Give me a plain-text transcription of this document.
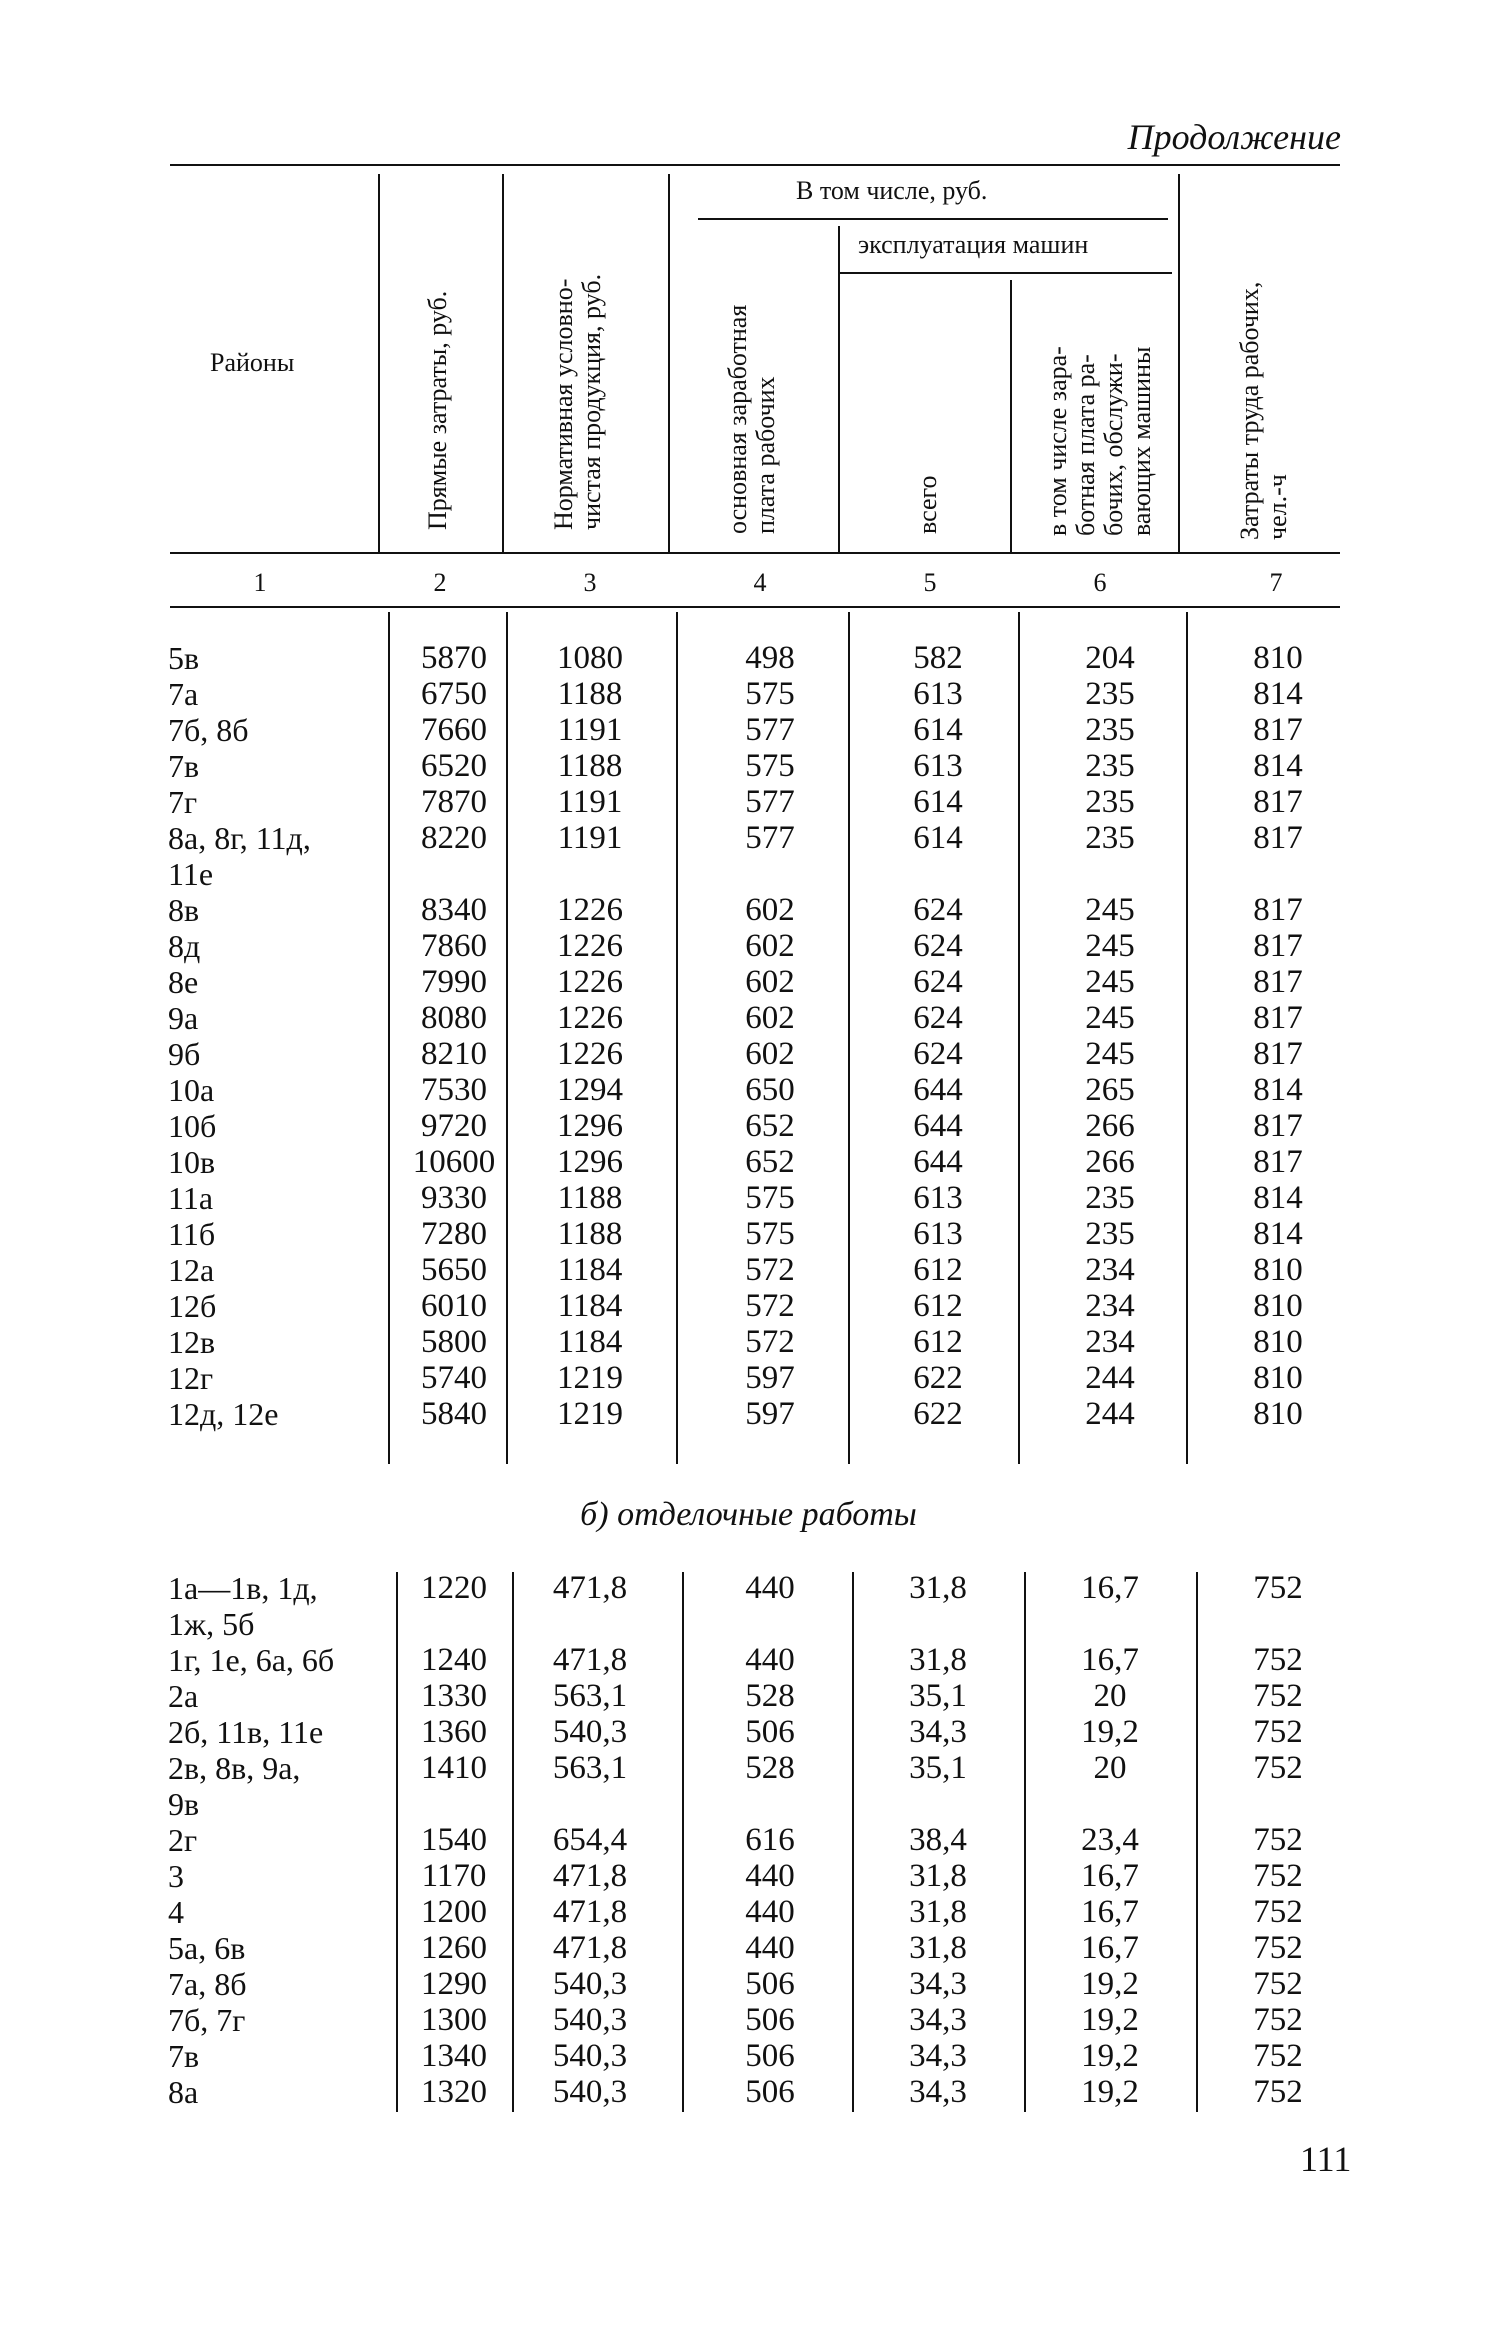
Продолжение
Районы	Прямые затраты, руб.	Нормативная условно- чистая продукция, руб.
В том числе, руб.
основная заработная плата рабочих
эксплуатация машин
всего	в том числе зара- ботная плата ра- бочих, обслужи- вающих машины	Затраты труда рабочих, чел.-ч
1	2	3	4	5	6	7
5в	5870	1080	498	582	204	810
7а	6750	1188	575	613	235	814
7б, 8б	7660	1191	577	614	235	817
7в	6520	1188	575	613	235	814
7г	7870	1191	577	614	235	817
8а, 8г, 11д,	8220	1191	577	614	235	817
11е
8в	8340	1226	602	624	245	817
8д	7860	1226	602	624	245	817
8е	7990	1226	602	624	245	817
9а	8080	1226	602	624	245	817
9б	8210	1226	602	624	245	817
10а	7530	1294	650	644	265	814
10б	9720	1296	652	644	266	817
10в	10600	1296	652	644	266	817
11а	9330	1188	575	613	235	814
11б	7280	1188	575	613	235	814
12а	5650	1184	572	612	234	810
12б	6010	1184	572	612	234	810
12в	5800	1184	572	612	234	810
12г	5740	1219	597	622	244	810
12д, 12е	5840	1219	597	622	244	810
б) отделочные работы
1а—1в, 1д,	1220	471,8	440	31,8	16,7	752
1ж, 5б
1г, 1е, 6а, 6б	1240	471,8	440	31,8	16,7	752
2а	1330	563,1	528	35,1	20	752
2б, 11в, 11е	1360	540,3	506	34,3	19,2	752
2в, 8в, 9а,	1410	563,1	528	35,1	20	752
9в
2г	1540	654,4	616	38,4	23,4	752
3	1170	471,8	440	31,8	16,7	752
4	1200	471,8	440	31,8	16,7	752
5а, 6в	1260	471,8	440	31,8	16,7	752
7а, 8б	1290	540,3	506	34,3	19,2	752
7б, 7г	1300	540,3	506	34,3	19,2	752
7в	1340	540,3	506	34,3	19,2	752
8а	1320	540,3	506	34,3	19,2	752
111
